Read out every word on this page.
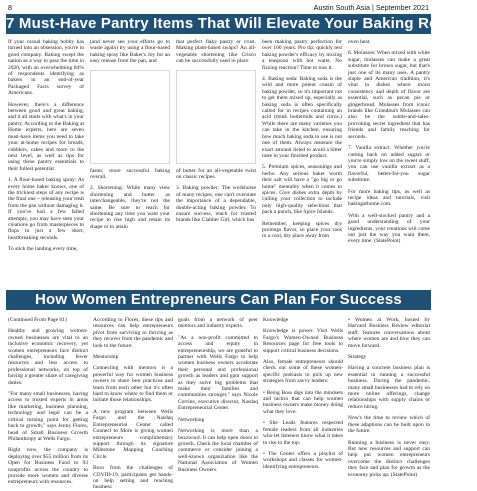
8	Austin South Asia | September 2021
7 Must-Have Pantry Items That Will Elevate Your Baking Recipes

If your casual baking hobby has turned into an obsession, you're in good company. Baking swept the nation as a way to pass the time in 2020, with an overwhelming 84% of respondents identifying as bakers in an end-of-year Packaged Facts survey of Americans.

However, there's a difference between good and great baking, and it all starts with what's in your pantry. According to the Baking at Home experts, here are seven must-have items you need to take your at-home recipes for breads, cobblers, cakes and more to the next level, as well as tips for using these pantry essentials to their fullest potential:

1. A flour-based baking spray: As every home baker knows, one of the trickiest steps of any recipe is the final one – releasing your treat from the pan without damaging it. If you've had a few failed attempts, you may have seen your creations go from masterpieces to flops in just a few short, heartbreaking seconds.

To stick the landing every time,

(and never see your efforts go to waste again) try using a flour-based baking spray like Baker's Joy for an easy release from the pan, and

faster, more successful baking overall.

2. Shortening: While many view shortening and butter as interchangeable, they're not the same. Be sure to reach for shortening any time you want your recipe to rise high and retain its shape or to attain

that perfect flaky pastry or crust. Making plant-based swaps? An all-vegetable shortening like Crisco can be successfully used in place

of butter for an all-vegetable twist on classic recipes.

3. Baking powder: The workhorse of many recipes, one can't overstate the importance of a dependable, double-acting baking powder. To ensure success, reach for trusted brands like Clabber Girl, which has

been making pastry perfection for over 100 years. Pro tip: quickly test baking powder's efficacy by mixing a teaspoon with hot water. No fizzing reaction? Time to toss it.

4. Baking soda: Baking soda is the wild and more potent cousin of baking powder, so it's important not to get them mixed up, especially as baking soda is often specifically called for in recipes containing an acid (think buttermilk and citrus.) While there are many varieties you can take in the kitchen, ensuring how much baking soda to use is not one of them. Always measure the exact amount listed to avoid a bitter taste in your finished product.

5. Premium spices, seasonings and herbs: Any serious baker worth their salt will have a "go big or go home" mentality when it comes to spices. Give dishes extra depth by culling your collection to include only high-quality selections that pack a punch, like Spice Islands.

Remember, keeping spices dry prolongs flavor, so place your rack in a cool, dry place away from

oven heat.

6. Molasses: When mixed with white sugar, molasses can make a great substitute for brown sugar, but that's just one of its many uses. A pantry staple and American tradition, it's vital in dishes where moist consistency and depth of flavor are essential, such as pecan pie or gingerbread. Molasses from iconic brands like Grandma's Molasses can also be the subtle-and-sales-provoking secret ingredient that has friends and family reaching for seconds.

7. Vanilla extract: Whether you're cutting back on added sugars or you're simply low on the sweet stuff, you can use vanilla extract as a flavorful, better-for-you sugar substitute.

For more baking tips, as well as recipe ideas and tutorials, visit bakingathome.com.

With a well-stocked pantry and a good understanding of your ingredients, your creations will come out just the way you want them, every time. (StatePoint)

How Women Entrepreneurs Can Plan For Success

(Continued From Page 01)

Healthy and growing women-owned businesses are vital to an inclusive economic recovery, yet women entrepreneurs face distinct challenges, including fewer resources and less access to professional networks, on top of having a greater share of caregiving duties.

"For many small businesses, having access to trusted experts in areas like marketing, business planning, technology and legal can be a critical turning point for getting back to growth," says Jenny Flores, head of Small Business Growth Philanthropy at Wells Fargo.

Right now, the company is deploying over $55 million from its Open for Business Fund to 93 nonprofits across the country to provide more women and diverse entrepreneurs with resources.

According to Flores, these tips and resources can help entrepreneurs pivot from surviving to thriving as they recover from the pandemic and look to the future:

Mentorship

Connecting with mentors is a powerful way for women business owners to share best practices and learn from each other but it's often hard to know where to find them or initiate those relationships.

A new program between Wells Fargo and the Nasdaq Entrepreneurial Center called Connect to More is giving women entrepreneurs complimentary support through its signature Milestone Mapping Coaching Circle.

Born from the challenges of COVID-19, participants get hands-on help setting and reaching business

goals from a network of peer mentors and industry experts.

"As a non-profit committed to access and equity in entrepreneurship, we are grateful to partner with Wells Fargo to help women business owners accelerate their personal and professional growth as leaders and gain support as they solve big problems that make their families and communities stronger," says Nicole Corrine, executive director, Nasdaq Entrepreneurial Center.

Networking

Networking is more than a buzzword. It can help open doors to growth. Check the local chamber of commerce or consider joining a well-known organization like the National Association of Women Business Owners.

Knowledge

Knowledge is power. Visit Wells Fargo's Women-Owned Business Resources page for free tools to support critical business decisions.

Also, female entrepreneurs should check out some of these women-specific podcasts to pick up new strategies from savvy leaders:

• Being Boss digs into the mindsets and tactics that can help women business owners make money doing what they love.

• She Leads features respected female leaders from all industries who let listeners know what it takes to rise to the top.

• The Center offers a playlist of workshops and classes for women-identifying entrepreneurs.

• Women at Work, hosted by Harvard Business Review editorial staff, features conversations about where women are and how they can move forward.

Strategy

Having a concrete business plan is essential in running a successful business. During the pandemic, many small businesses had to rely on more online offerings, change relationships with supply chains or reduce hiring.

Now's the time to review which of these adaptions can be built upon in the future.

Running a business is never easy. But new resources and support can help put women entrepreneurs overcome the distinct challenges they face and plan for growth as the economy picks up. (StatePoint)
